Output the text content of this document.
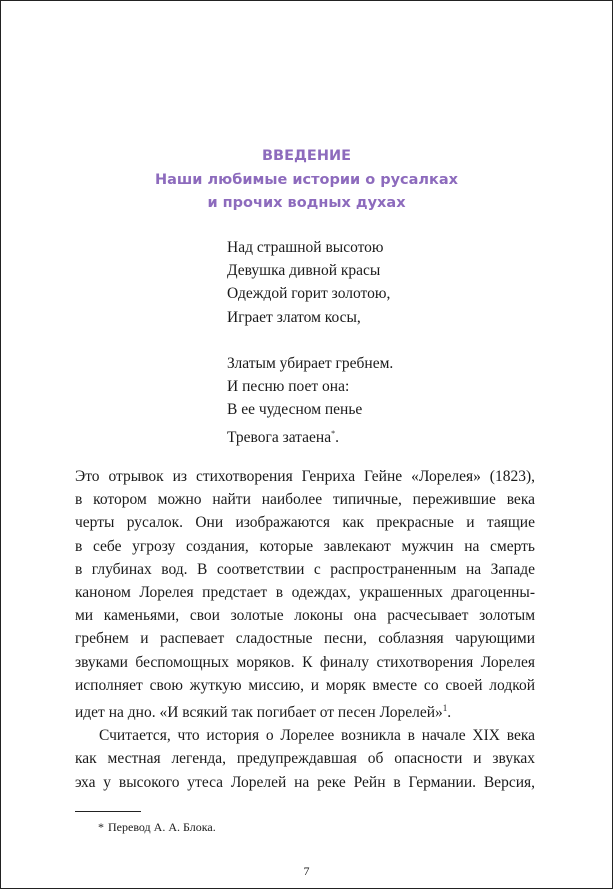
ВВЕДЕНИЕ
Наши любимые истории о русалках
и прочих водных духах
Над страшной высотою
Девушка дивной красы
Одеждой горит золотою,
Играет златом косы,
Златым убирает гребнем.
И песню поет она:
В ее чудесном пенье
Тревога затаена*.
Это отрывок из стихотворения Генриха Гейне «Лорелея» (1823),
в котором можно найти наиболее типичные, пережившие века
черты русалок. Они изображаются как прекрасные и таящие
в себе угрозу создания, которые завлекают мужчин на смерть
в глубинах вод. В соответствии с распространенным на Западе
каноном Лорелея предстает в одеждах, украшенных драгоценны-
ми каменьями, свои золотые локоны она расчесывает золотым
гребнем и распевает сладостные песни, соблазняя чарующими
звуками беспомощных моряков. К финалу стихотворения Лорелея
исполняет свою жуткую миссию, и моряк вместе со своей лодкой
идет на дно. «И всякий так погибает от песен Лорелей»$^1$.
Считается, что история о Лорелее возникла в начале XIX века
как местная легенда, предупреждавшая об опасности и звуках
эха у высокого утеса Лорелей на реке Рейн в Германии. Версия,
* Перевод А. А. Блока.
7
